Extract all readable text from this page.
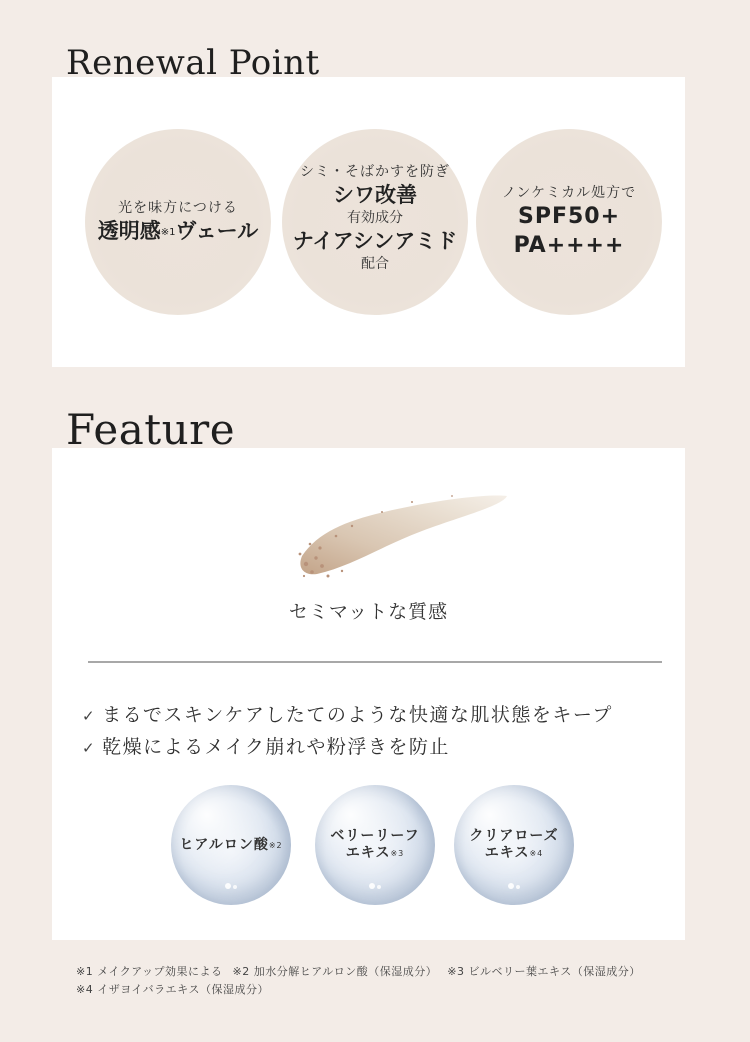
Renewal Point
光を味方につける
透明感$^{※1}$ヴェール
シミ・そばかすを防ぎ
シワ改善
有効成分
ナイアシンアミド
配合
ノンケミカル処方で
SPF50+
PA++++
Feature
セミマットな質感
✓ まるでスキンケアしたてのような快適な肌状態をキープ
✓ 乾燥によるメイク崩れや粉浮きを防止
ヒアルロン酸$^{※2}$
ベリーリーフ
エキス$^{※3}$
クリアローズ
エキス$^{※4}$
※1 メイクアップ効果による ※2 加水分解ヒアルロン酸（保湿成分） ※3 ビルベリー葉エキス（保湿成分）
※4 イザヨイバラエキス（保湿成分）
